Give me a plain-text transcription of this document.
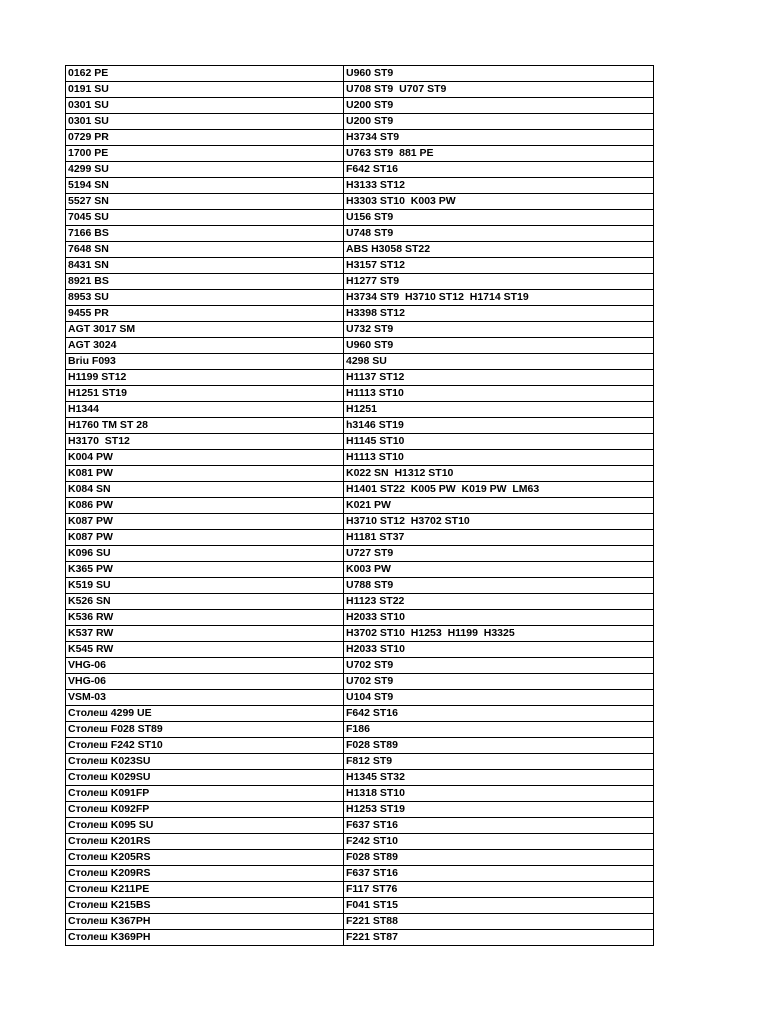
0162 PE	U960 ST9
0191 SU	U708 ST9  U707 ST9
0301 SU	U200 ST9
0301 SU	U200 ST9
0729 PR	H3734 ST9
1700 PE	U763 ST9  881 PE
4299 SU	F642 ST16
5194 SN	H3133 ST12
5527 SN	H3303 ST10  K003 PW
7045 SU	U156 ST9
7166 BS	U748 ST9
7648 SN	ABS H3058 ST22
8431 SN	H3157 ST12
8921 BS	H1277 ST9
8953 SU	H3734 ST9  H3710 ST12  H1714 ST19
9455 PR	H3398 ST12
AGT 3017 SM	U732 ST9
AGT 3024	U960 ST9
Briu F093	4298 SU
H1199 ST12	H1137 ST12
H1251 ST19	H1113 ST10
H1344	H1251
H1760 TM ST 28	h3146 ST19
H3170  ST12	H1145 ST10
K004 PW	H1113 ST10
K081 PW	K022 SN  H1312 ST10
K084 SN	H1401 ST22  K005 PW  K019 PW  LM63
K086 PW	K021 PW
K087 PW	H3710 ST12  H3702 ST10
K087 PW	H1181 ST37
K096 SU	U727 ST9
K365 PW	K003 PW
K519 SU	U788 ST9
K526 SN	H1123 ST22
K536 RW	H2033 ST10
K537 RW	H3702 ST10  H1253  H1199  H3325
K545 RW	H2033 ST10
VHG-06	U702 ST9
VHG-06	U702 ST9
VSM-03	U104 ST9
Столеш 4299 UE	F642 ST16
Столеш F028 ST89	F186
Столеш F242 ST10	F028 ST89
Столеш K023SU	F812 ST9
Столеш K029SU	H1345 ST32
Столеш K091FP	H1318 ST10
Столеш K092FP	H1253 ST19
Столеш K095 SU	F637 ST16
Столеш K201RS	F242 ST10
Столеш K205RS	F028 ST89
Столеш K209RS	F637 ST16
Столеш K211PE	F117 ST76
Столеш K215BS	F041 ST15
Столеш K367PH	F221 ST88
Столеш K369PH	F221 ST87
